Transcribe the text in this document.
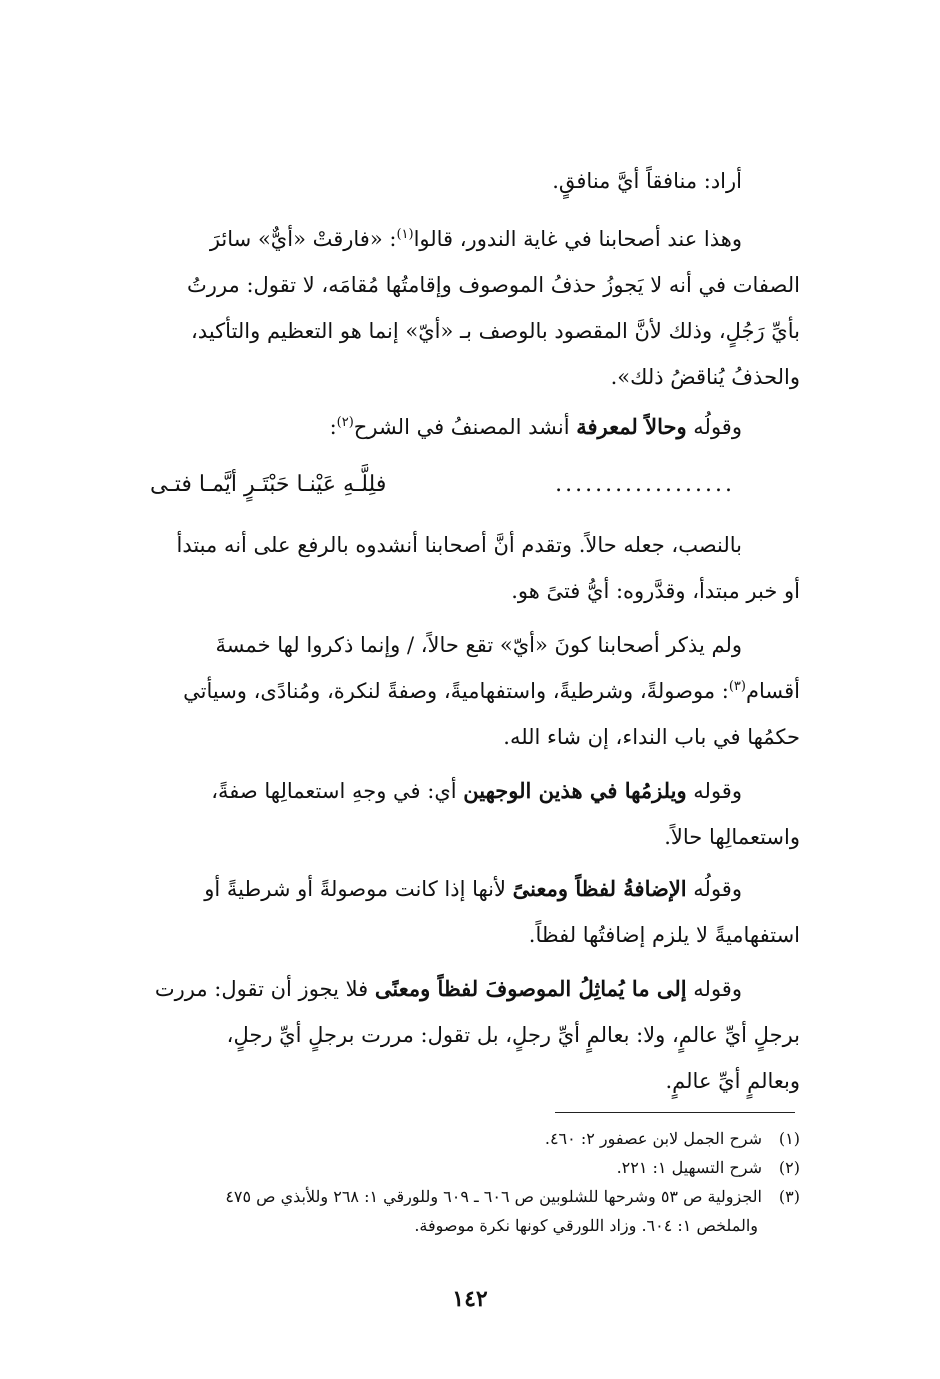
أراد: منافقاً أيَّ منافقٍ.
وهذا عند أصحابنا في غاية الندور، قالوا$^{(١)}$: «فارقتْ «أيٌّ» سائرَ
الصفات في أنه لا يَجوزُ حذفُ الموصوف وإقامتُها مُقامَه، لا تقول: مررتُ
بأيِّ رَجُلٍ، وذلك لأنَّ المقصود بالوصف بـ «أيّ» إنما هو التعظيم والتأكيد،
والحذفُ يُناقضُ ذلك».
وقولُه وحالاً لمعرفة أنشد المصنفُ في الشرح$^{(٢)}$:
..................
فلِلَّـهِ عَيْنـا حَبْتَـرٍ أيَّمـا فتـى
بالنصب، جعله حالاً. وتقدم أنَّ أصحابنا أنشدوه بالرفع على أنه مبتدأ
أو خبر مبتدأ، وقدَّروه: أيُّ فتىً هو.
ولم يذكر أصحابنا كونَ «أيّ» تقع حالاً، / وإنما ذكروا لها خمسةَ
أقسام$^{(٣)}$: موصولةً، وشرطيةً، واستفهاميةً، وصفةً لنكرة، ومُنادًى، وسيأتي
حكمُها في باب النداء، إن شاء الله.
وقوله ويلزمُها في هذين الوجهين أي: في وجهِ استعمالِها صفةً،
واستعمالِها حالاً.
وقولُه الإضافةُ لفظاً ومعنىً لأنها إذا كانت موصولةً أو شرطيةً أو
استفهاميةً لا يلزم إضافتُها لفظاً.
وقوله إلى ما يُماثِلُ الموصوفَ لفظاً ومعنًى فلا يجوز أن تقول: مررت
برجلٍ أيِّ عالمٍ، ولا: بعالمٍ أيِّ رجلٍ، بل تقول: مررت برجلٍ أيِّ رجلٍ،
وبعالمٍ أيِّ عالمٍ.
(١)شرح الجمل لابن عصفور ٢: ٤٦٠.
(٢)شرح التسهيل ١: ٢٢١.
(٣)الجزولية ص ٥٣ وشرحها للشلوبين ص ٦٠٦ ـ ٦٠٩ وللورقي ١: ٢٦٨ وللأبذي ص ٤٧٥
والملخص ١: ٦٠٤. وزاد اللورقي كونها نكرة موصوفة.
١٤٢
